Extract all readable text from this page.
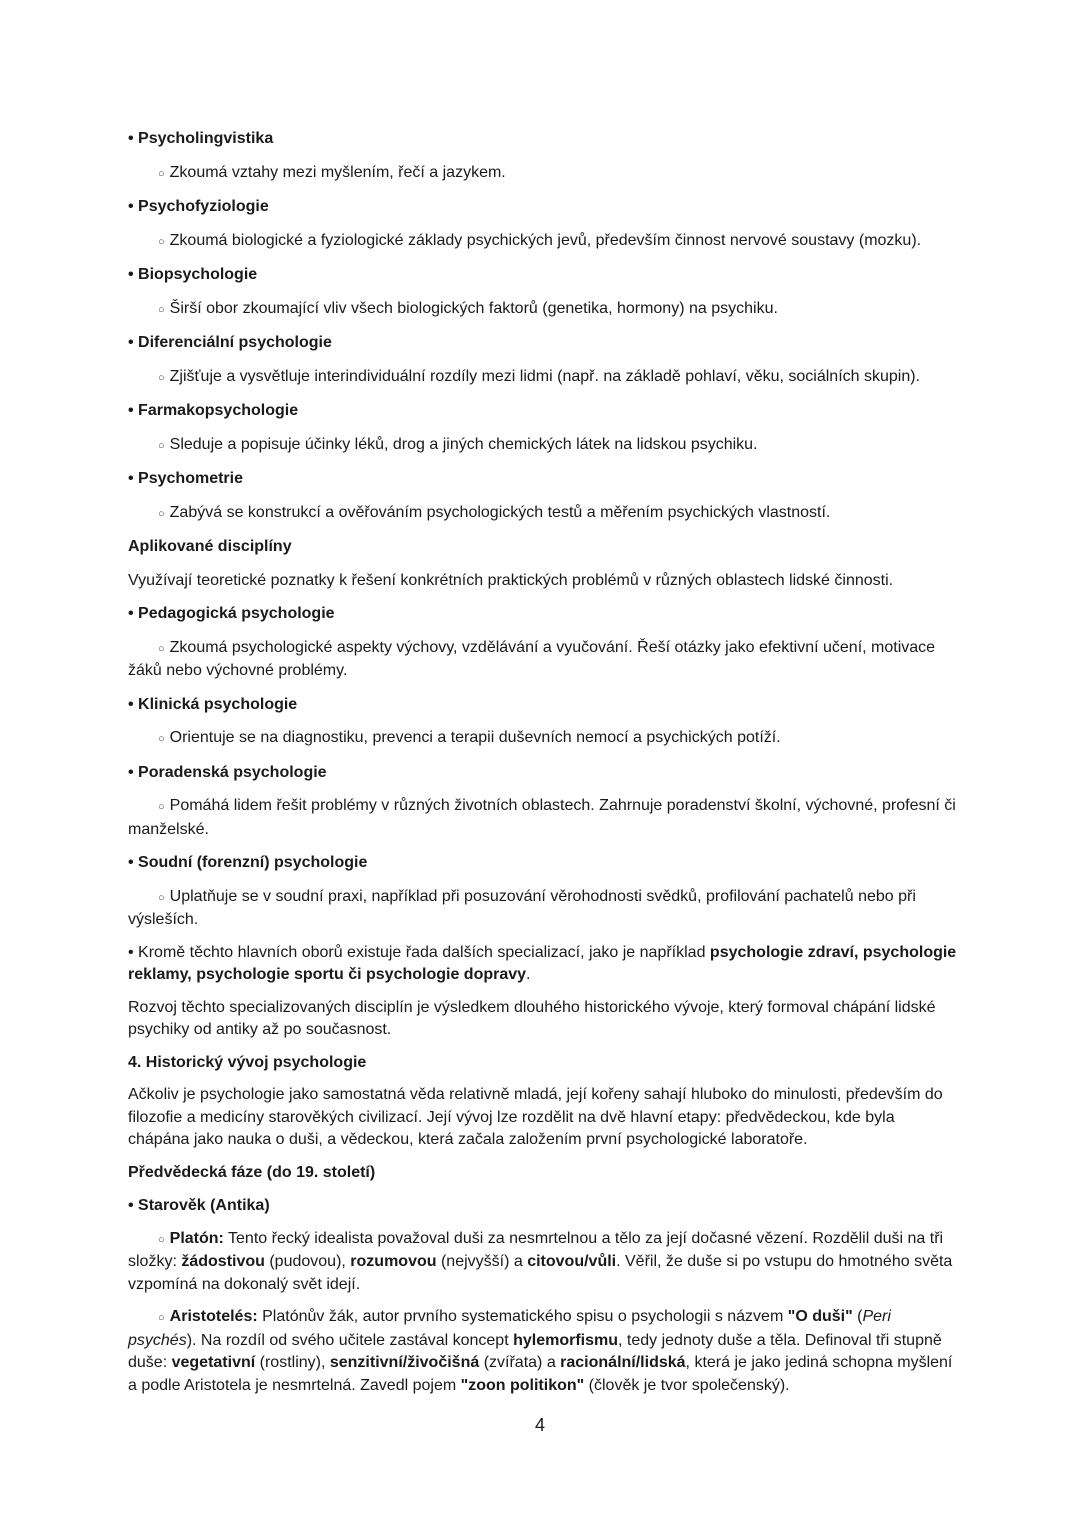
• Psycholingvistika

○ Zkoumá vztahy mezi myšlením, řečí a jazykem.

• Psychofyziologie

○ Zkoumá biologické a fyziologické základy psychických jevů, především činnost nervové soustavy (mozku).

• Biopsychologie

○ Širší obor zkoumající vliv všech biologických faktorů (genetika, hormony) na psychiku.

• Diferenciální psychologie

○ Zjišťuje a vysvětluje interindividuální rozdíly mezi lidmi (např. na základě pohlaví, věku, sociálních skupin).

• Farmakopsychologie

○ Sleduje a popisuje účinky léků, drog a jiných chemických látek na lidskou psychiku.

• Psychometrie

○ Zabývá se konstrukcí a ověřováním psychologických testů a měřením psychických vlastností.

Aplikované disciplíny

Využívají teoretické poznatky k řešení konkrétních praktických problémů v různých oblastech lidské činnosti.

• Pedagogická psychologie

○ Zkoumá psychologické aspekty výchovy, vzdělávání a vyučování. Řeší otázky jako efektivní učení, motivace žáků nebo výchovné problémy.

• Klinická psychologie

○ Orientuje se na diagnostiku, prevenci a terapii duševních nemocí a psychických potíží.

• Poradenská psychologie

○ Pomáhá lidem řešit problémy v různých životních oblastech. Zahrnuje poradenství školní, výchovné, profesní či manželské.

• Soudní (forenzní) psychologie

○ Uplatňuje se v soudní praxi, například při posuzování věrohodnosti svědků, profilování pachatelů nebo při výsleších.

• Kromě těchto hlavních oborů existuje řada dalších specializací, jako je například psychologie zdraví, psychologie reklamy, psychologie sportu či psychologie dopravy.

Rozvoj těchto specializovaných disciplín je výsledkem dlouhého historického vývoje, který formoval chápání lidské psychiky od antiky až po současnost.

4. Historický vývoj psychologie

Ačkoliv je psychologie jako samostatná věda relativně mladá, její kořeny sahají hluboko do minulosti, především do filozofie a medicíny starověkých civilizací. Její vývoj lze rozdělit na dvě hlavní etapy: předvědeckou, kde byla chápána jako nauka o duši, a vědeckou, která začala založením první psychologické laboratoře.

Předvědecká fáze (do 19. století)

• Starověk (Antika)

○ Platón: Tento řecký idealista považoval duši za nesmrtelnou a tělo za její dočasné vězení. Rozdělil duši na tři složky: žádostivou (pudovou), rozumovou (nejvyšší) a citovou/vůli. Věřil, že duše si po vstupu do hmotného světa vzpomíná na dokonalý svět idejí.

○ Aristotelés: Platónův žák, autor prvního systematického spisu o psychologii s názvem "O duši" (Peri psychés). Na rozdíl od svého učitele zastával koncept hylemorfismu, tedy jednoty duše a těla. Definoval tři stupně duše: vegetativní (rostliny), senzitivní/živočišná (zvířata) a racionální/lidská, která je jako jediná schopna myšlení a podle Aristotela je nesmrtelná. Zavedl pojem "zoon politikon" (člověk je tvor společenský).

4
